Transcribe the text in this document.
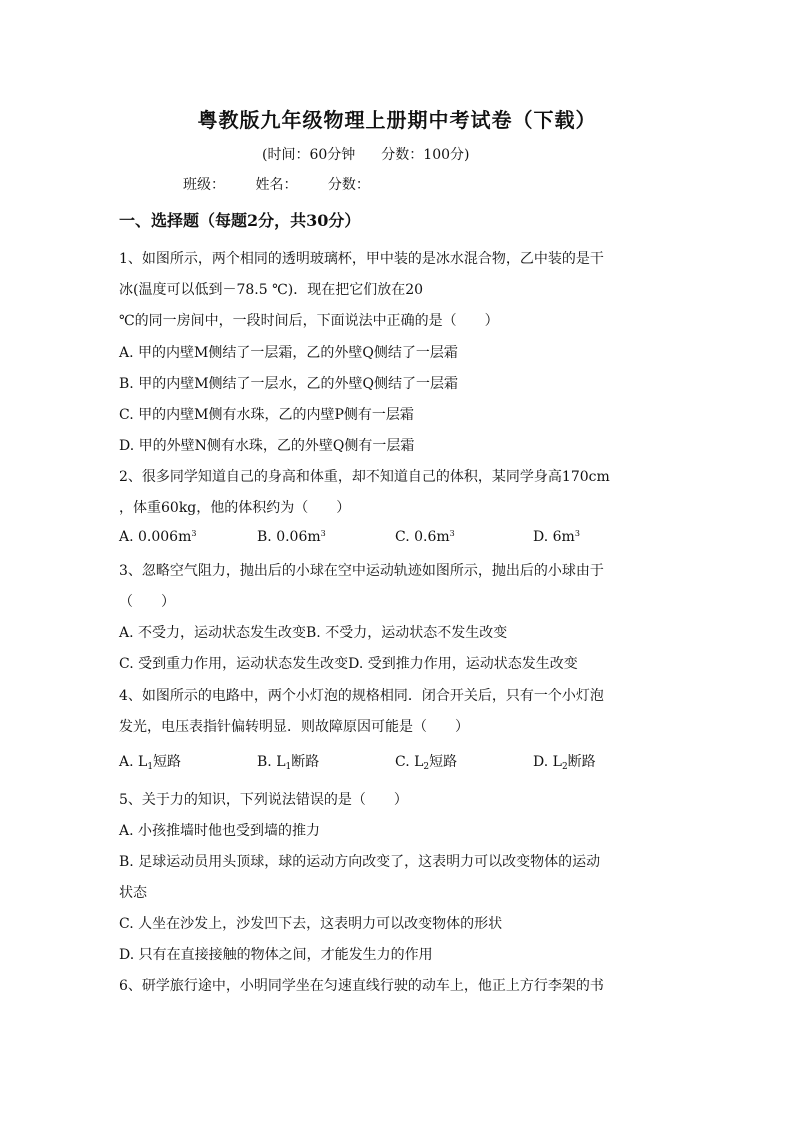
粤教版九年级物理上册期中考试卷（下载）
(时间：60分钟 分数：100分)
班级： 姓名： 分数：
一、选择题（每题2分，共30分）
1、如图所示，两个相同的透明玻璃杯，甲中装的是冰水混合物，乙中装的是干
冰(温度可以低到－78.5 ℃)．现在把它们放在20
℃的同一房间中，一段时间后，下面说法中正确的是（　　）
A. 甲的内壁M侧结了一层霜，乙的外壁Q侧结了一层霜
B. 甲的内壁M侧结了一层水，乙的外壁Q侧结了一层霜
C. 甲的内壁M侧有水珠，乙的内壁P侧有一层霜
D. 甲的外壁N侧有水珠，乙的外壁Q侧有一层霜
2、很多同学知道自己的身高和体重，却不知道自己的体积，某同学身高170cm
，体重60kg，他的体积约为（　　）
A. $0.006m^3$	B. $0.06m^3$	C. $0.6m^3$	D. $6m^3$
3、忽略空气阻力，抛出后的小球在空中运动轨迹如图所示，抛出后的小球由于
（　　）
A. 不受力，运动状态发生改变B. 不受力，运动状态不发生改变
C. 受到重力作用，运动状态发生改变D. 受到推力作用，运动状态发生改变
4、如图所示的电路中，两个小灯泡的规格相同．闭合开关后，只有一个小灯泡
发光，电压表指针偏转明显．则故障原因可能是（　　）
A. $L_1$短路	B. $L_1$断路	C. $L_2$短路	D. $L_2$断路
5、关于力的知识，下列说法错误的是（　　）
A. 小孩推墙时他也受到墙的推力
B. 足球运动员用头顶球，球的运动方向改变了，这表明力可以改变物体的运动
状态
C. 人坐在沙发上，沙发凹下去，这表明力可以改变物体的形状
D. 只有在直接接触的物体之间，才能发生力的作用
6、研学旅行途中，小明同学坐在匀速直线行驶的动车上，他正上方行李架的书
